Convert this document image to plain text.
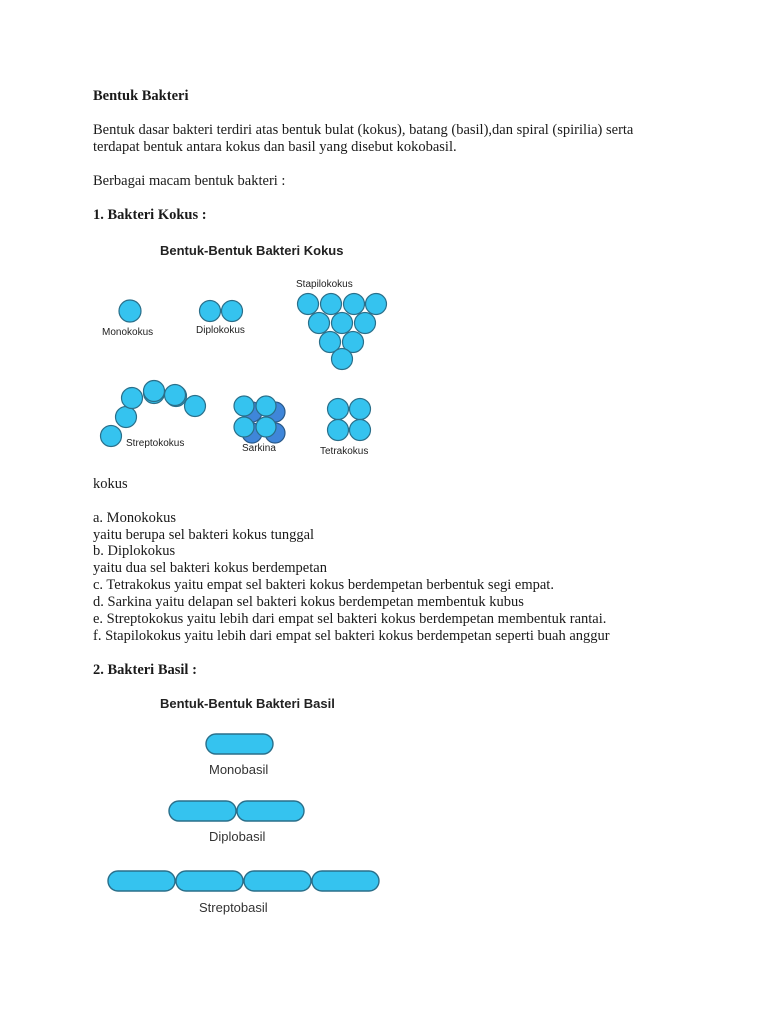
Bentuk Bakteri
Bentuk dasar bakteri terdiri atas bentuk bulat (kokus), batang (basil),dan spiral (spirilia) serta
terdapat bentuk antara kokus dan basil yang disebut kokobasil.
Berbagai macam bentuk bakteri :
1. Bakteri Kokus :
Bentuk-Bentuk Bakteri Kokus
Monokokus	Diplokokus
Stapilokokus
Streptokokus	Sarkina	Tetrakokus
kokus
a. Monokokus
yaitu berupa sel bakteri kokus tunggal
b. Diplokokus
yaitu dua sel bakteri kokus berdempetan
c. Tetrakokus yaitu empat sel bakteri kokus berdempetan berbentuk segi empat.
d. Sarkina yaitu delapan sel bakteri kokus berdempetan membentuk kubus
e. Streptokokus yaitu lebih dari empat sel bakteri kokus berdempetan membentuk rantai.
f. Stapilokokus yaitu lebih dari empat sel bakteri kokus berdempetan seperti buah anggur
2. Bakteri Basil :
Bentuk-Bentuk Bakteri Basil
Monobasil
Diplobasil
Streptobasil
